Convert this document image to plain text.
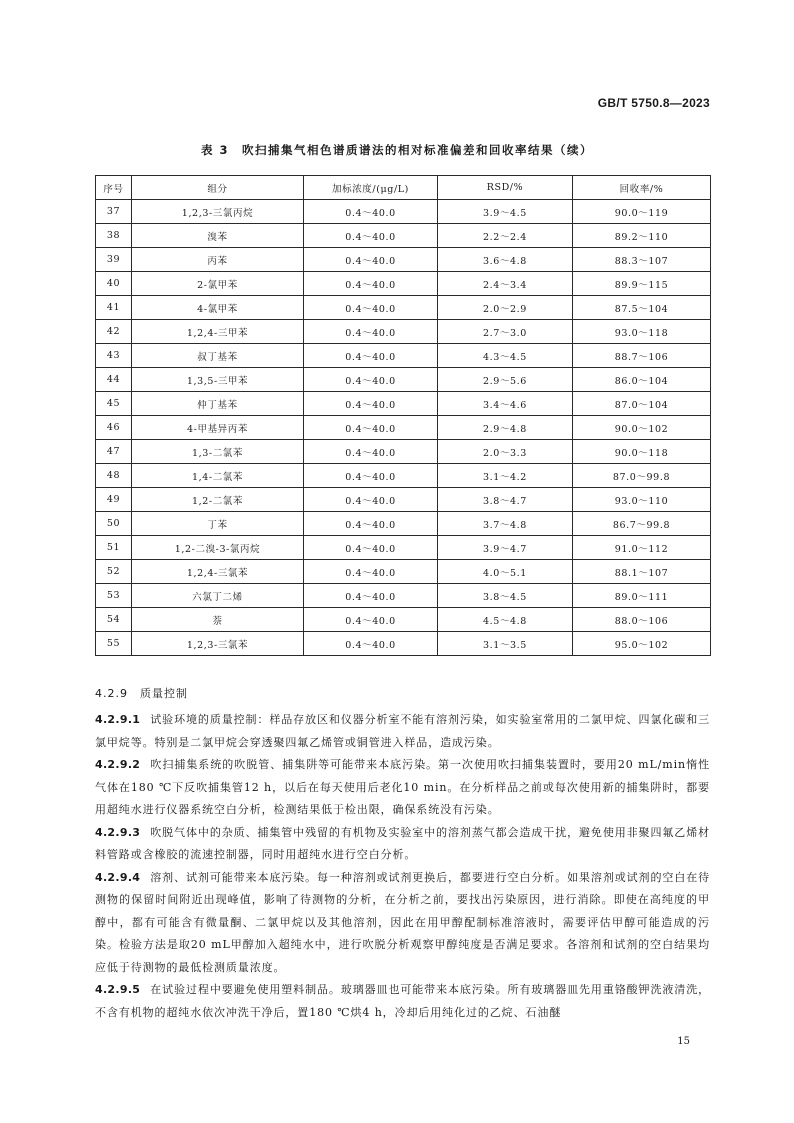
GB/T 5750.8—2023
表 3　吹扫捕集气相色谱质谱法的相对标准偏差和回收率结果（续）
序号	组分	加标浓度/(μg/L)	RSD/%	回收率/%
37	1,2,3-三氯丙烷	0.4～40.0	3.9～4.5	90.0～119
38	溴苯	0.4～40.0	2.2～2.4	89.2～110
39	丙苯	0.4～40.0	3.6～4.8	88.3～107
40	2-氯甲苯	0.4～40.0	2.4～3.4	89.9～115
41	4-氯甲苯	0.4～40.0	2.0～2.9	87.5～104
42	1,2,4-三甲苯	0.4～40.0	2.7～3.0	93.0～118
43	叔丁基苯	0.4～40.0	4.3～4.5	88.7～106
44	1,3,5-三甲苯	0.4～40.0	2.9～5.6	86.0～104
45	仲丁基苯	0.4～40.0	3.4～4.6	87.0～104
46	4-甲基异丙苯	0.4～40.0	2.9～4.8	90.0～102
47	1,3-二氯苯	0.4～40.0	2.0～3.3	90.0～118
48	1,4-二氯苯	0.4～40.0	3.1～4.2	87.0～99.8
49	1,2-二氯苯	0.4～40.0	3.8～4.7	93.0～110
50	丁苯	0.4～40.0	3.7～4.8	86.7～99.8
51	1,2-二溴-3-氯丙烷	0.4～40.0	3.9～4.7	91.0～112
52	1,2,4-三氯苯	0.4～40.0	4.0～5.1	88.1～107
53	六氯丁二烯	0.4～40.0	3.8～4.5	89.0～111
54	萘	0.4～40.0	4.5～4.8	88.0～106
55	1,2,3-三氯苯	0.4～40.0	3.1～3.5	95.0～102
4.2.9 质量控制

4.2.9.1 试验环境的质量控制：样品存放区和仪器分析室不能有溶剂污染，如实验室常用的二氯甲烷、四氯化碳和三氯甲烷等。特别是二氯甲烷会穿透聚四氟乙烯管或铜管进入样品，造成污染。

4.2.9.2 吹扫捕集系统的吹脱管、捕集阱等可能带来本底污染。第一次使用吹扫捕集装置时，要用20 mL/min惰性气体在180 ℃下反吹捕集管12 h，以后在每天使用后老化10 min。在分析样品之前或每次使用新的捕集阱时，都要用超纯水进行仪器系统空白分析，检测结果低于检出限，确保系统没有污染。

4.2.9.3 吹脱气体中的杂质、捕集管中残留的有机物及实验室中的溶剂蒸气都会造成干扰，避免使用非聚四氟乙烯材料管路或含橡胶的流速控制器，同时用超纯水进行空白分析。

4.2.9.4 溶剂、试剂可能带来本底污染。每一种溶剂或试剂更换后，都要进行空白分析。如果溶剂或试剂的空白在待测物的保留时间附近出现峰值，影响了待测物的分析，在分析之前，要找出污染原因，进行消除。即使在高纯度的甲醇中，都有可能含有微量酮、二氯甲烷以及其他溶剂，因此在用甲醇配制标准溶液时，需要评估甲醇可能造成的污染。检验方法是取20 mL甲醇加入超纯水中，进行吹脱分析观察甲醇纯度是否满足要求。各溶剂和试剂的空白结果均应低于待测物的最低检测质量浓度。

4.2.9.5 在试验过程中要避免使用塑料制品。玻璃器皿也可能带来本底污染。所有玻璃器皿先用重铬酸钾洗液清洗，不含有机物的超纯水依次冲洗干净后，置180 ℃烘4 h，冷却后用纯化过的乙烷、石油醚

15
